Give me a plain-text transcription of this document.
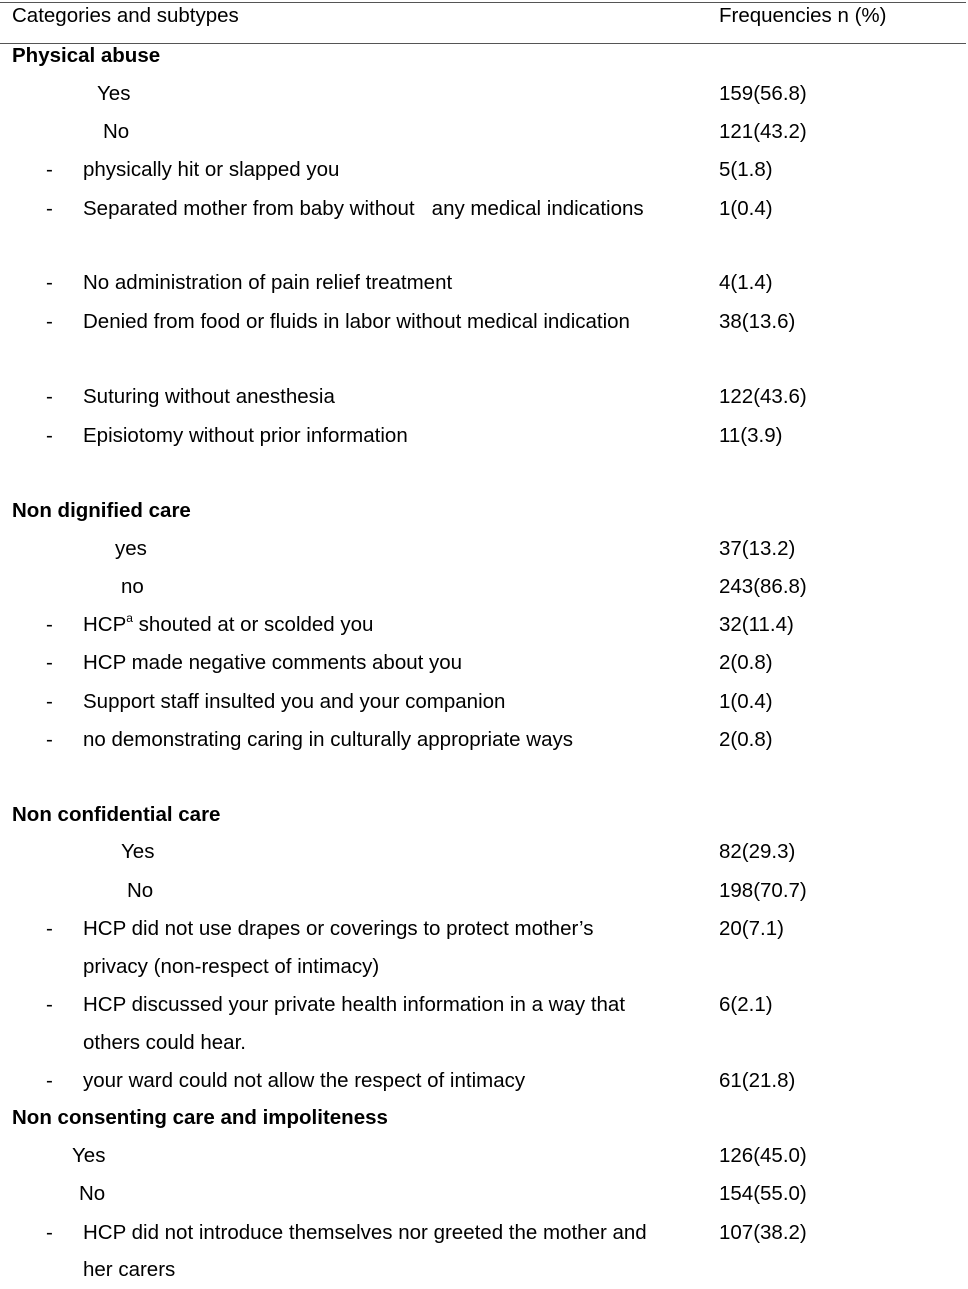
Categories and subtypes	Frequencies n (%)
Physical abuse
Yes	159(56.8)
No	121(43.2)
- physically hit or slapped you	5(1.8)
- Separated mother from baby without   any medical indications	1(0.4)
- No administration of pain relief treatment	4(1.4)
- Denied from food or fluids in labor without medical indication	38(13.6)
- Suturing without anesthesia	122(43.6)
- Episiotomy without prior information	11(3.9)
Non dignified care
yes	37(13.2)
no	243(86.8)
- HCP$^a$ shouted at or scolded you	32(11.4)
- HCP made negative comments about you	2(0.8)
- Support staff insulted you and your companion	1(0.4)
- no demonstrating caring in culturally appropriate ways	2(0.8)
Non confidential care
Yes	82(29.3)
No	198(70.7)
- HCP did not use drapes or coverings to protect mother’s	20(7.1)
privacy (non-respect of intimacy)
- HCP discussed your private health information in a way that	6(2.1)
others could hear.
- your ward could not allow the respect of intimacy	61(21.8)
Non consenting care and impoliteness
Yes	126(45.0)
No	154(55.0)
- HCP did not introduce themselves nor greeted the mother and	107(38.2)
her carers
